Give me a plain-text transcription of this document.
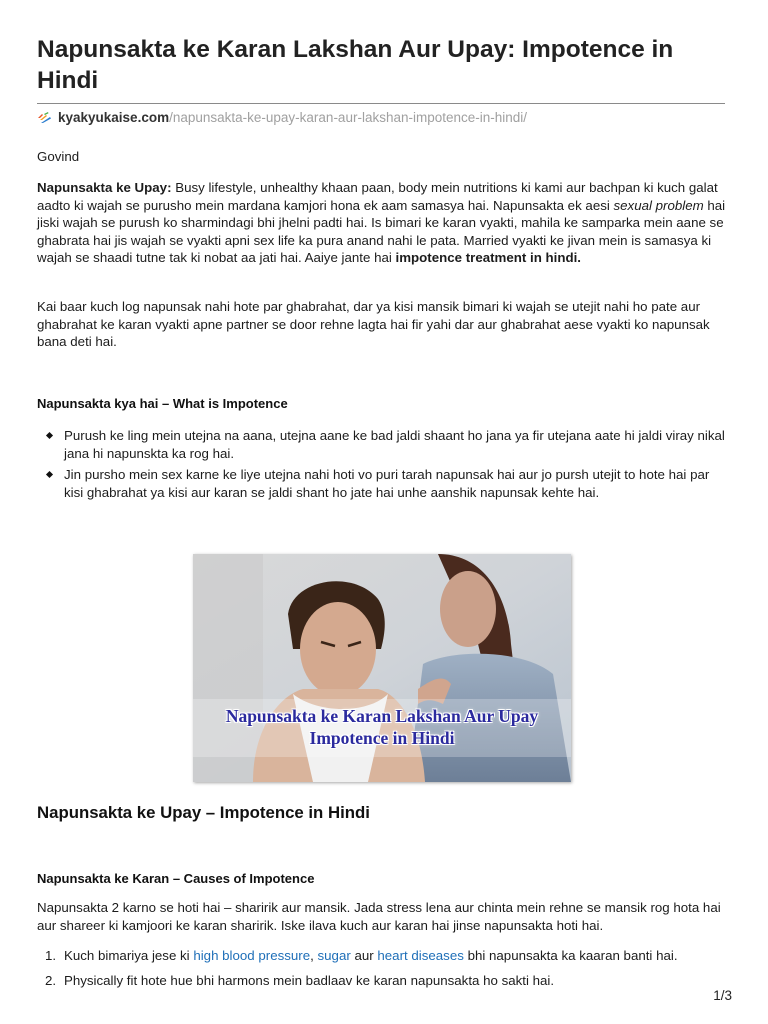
Napunsakta ke Karan Lakshan Aur Upay: Impotence in Hindi
kyakyukaise.com /napunsakta-ke-upay-karan-aur-lakshan-impotence-in-hindi/
Govind
Napunsakta ke Upay: Busy lifestyle, unhealthy khaan paan, body mein nutritions ki kami aur bachpan ki kuch galat aadto ki wajah se purusho mein mardana kamjori hona ek aam samasya hai. Napunsakta ek aesi sexual problem hai jiski wajah se purush ko sharmindagi bhi jhelni padti hai. Is bimari ke karan vyakti, mahila ke samparka mein aane se ghabrata hai jis wajah se vyakti apni sex life ka pura anand nahi le pata. Married vyakti ke jivan mein is samasya ki wajah se shaadi tutne tak ki nobat aa jati hai. Aaiye jante hai impotence treatment in hindi.
Kai baar kuch log napunsak nahi hote par ghabrahat, dar ya kisi mansik bimari ki wajah se utejit nahi ho pate aur ghabrahat ke karan vyakti apne partner se door rehne lagta hai fir yahi dar aur ghabrahat aese vyakti ko napunsak bana deti hai.
Napunsakta kya hai – What is Impotence
Purush ke ling mein utejna na aana, utejna aane ke bad jaldi shaant ho jana ya fir utejana aate hi jaldi viray nikal jana hi napunskta ka rog hai.
Jin pursho mein sex karne ke liye utejna nahi hoti vo puri tarah napunsak hai aur jo pursh utejit to hote hai par kisi ghabrahat ya kisi aur karan se jaldi shant ho jate hai unhe aanshik napunsak kehte hai.
Napunsakta ke Karan Lakshan Aur Upay
Impotence in Hindi
Napunsakta ke Upay – Impotence in Hindi
Napunsakta ke Karan – Causes of Impotence
Napunsakta 2 karno se hoti hai – sharirik aur mansik. Jada stress lena aur chinta mein rehne se mansik rog hota hai aur shareer ki kamjoori ke karan sharirik. Iske ilava kuch aur karan hai jinse napunsakta hoti hai.
1. Kuch bimariya jese ki high blood pressure, sugar aur heart diseases bhi napunsakta ka kaaran banti hai.
2. Physically fit hote hue bhi harmons mein badlaav ke karan napunsakta ho sakti hai.
1/3
